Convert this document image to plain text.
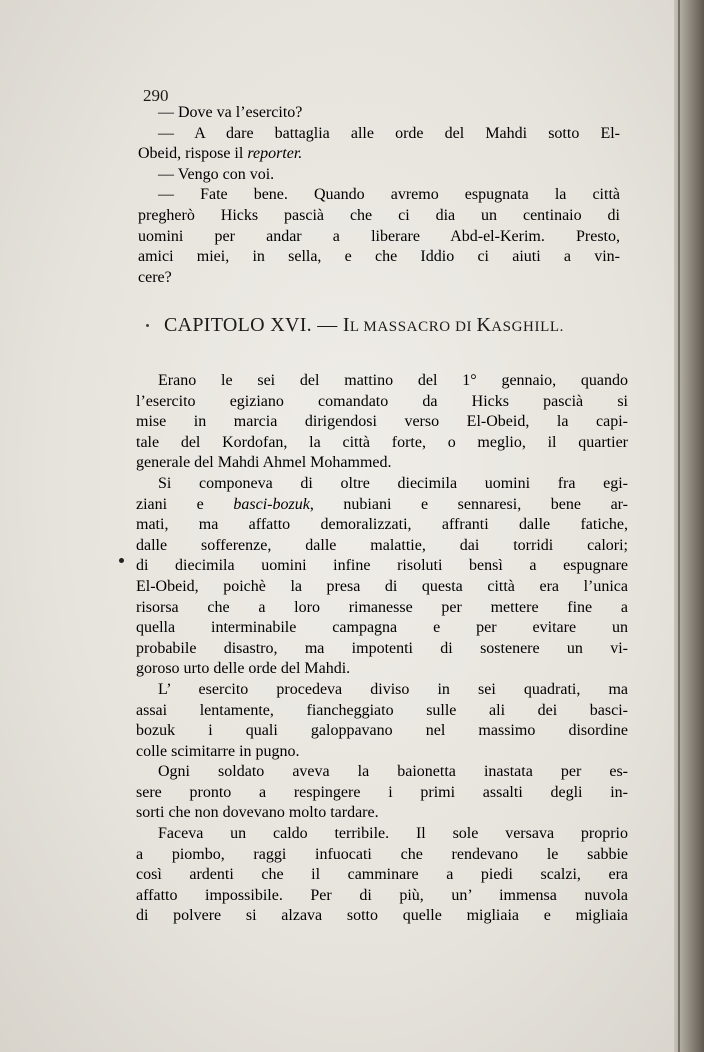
290
— Dove va l’esercito?
— A dare battaglia alle orde del Mahdi sotto El-
Obeid, rispose il reporter.
— Vengo con voi.
— Fate bene. Quando avremo espugnata la città
pregherò Hicks pascià che ci dia un centinaio di
uomini per andar a liberare Abd-el-Kerim. Presto,
amici miei, in sella, e che Iddio ci aiuti a vin-
cere?
CAPITOLO XVI. — IL MASSACRO DI KASGHILL.
Erano le sei del mattino del 1° gennaio, quando
l’esercito egiziano comandato da Hicks pascià si
mise in marcia dirigendosi verso El-Obeid, la capi-
tale del Kordofan, la città forte, o meglio, il quartier
generale del Mahdi Ahmel Mohammed.
Si componeva di oltre diecimila uomini fra egi-
ziani e basci-bozuk, nubiani e sennaresi, bene ar-
mati, ma affatto demoralizzati, affranti dalle fatiche,
dalle sofferenze, dalle malattie, dai torridi calori;
di diecimila uomini infine risoluti bensì a espugnare
El-Obeid, poichè la presa di questa città era l’unica
risorsa che a loro rimanesse per mettere fine a
quella interminabile campagna e per evitare un
probabile disastro, ma impotenti di sostenere un vi-
goroso urto delle orde del Mahdi.
L’ esercito procedeva diviso in sei quadrati, ma
assai lentamente, fiancheggiato sulle ali dei basci-
bozuk i quali galoppavano nel massimo disordine
colle scimitarre in pugno.
Ogni soldato aveva la baionetta inastata per es-
sere pronto a respingere i primi assalti degli in-
sorti che non dovevano molto tardare.
Faceva un caldo terribile. Il sole versava proprio
a piombo, raggi infuocati che rendevano le sabbie
così ardenti che il camminare a piedi scalzi, era
affatto impossibile. Per di più, un’ immensa nuvola
di polvere si alzava sotto quelle migliaia e migliaia
